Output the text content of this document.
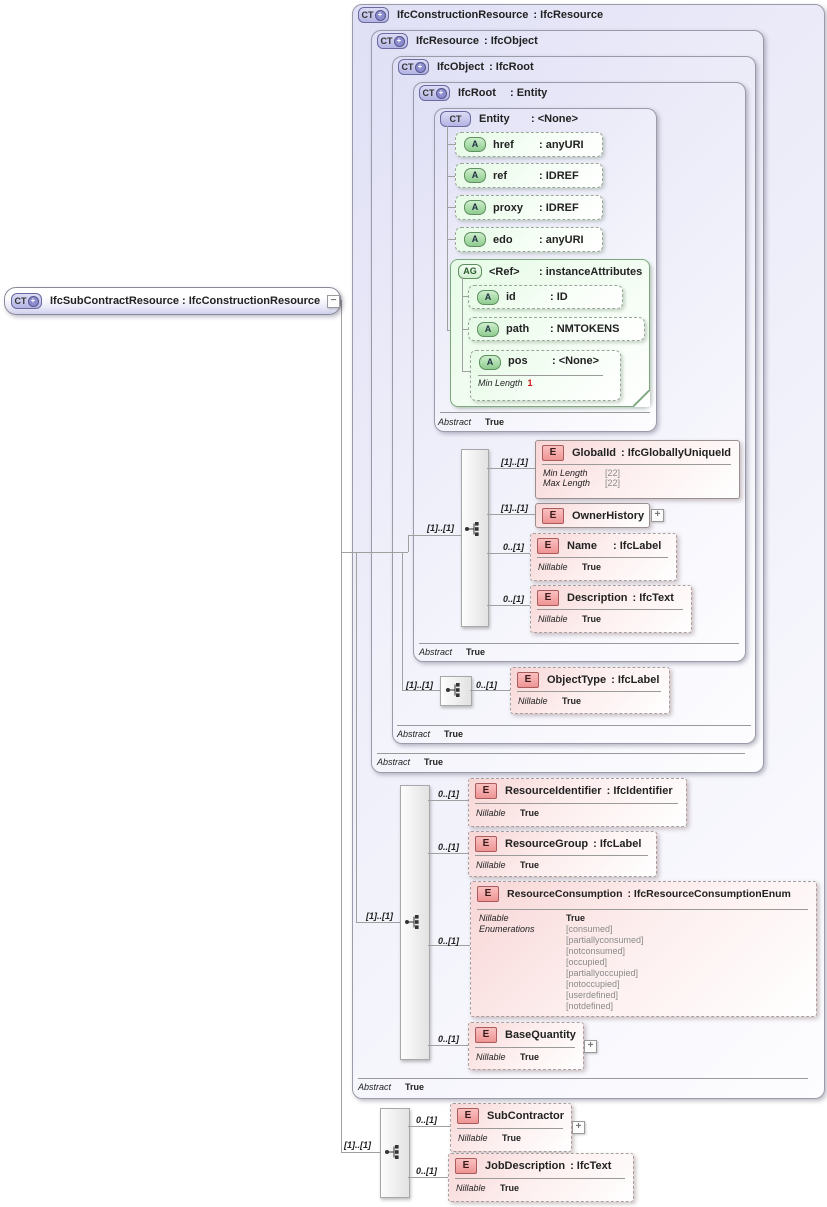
CT + IfcConstructionResource : IfcResource
CT + IfcResource : IfcObject
CT + IfcObject : IfcRoot
CT + IfcRoot	: Entity
CT Entity	: <None>
A	href	: anyURI
A	ref	: IDREF
A	proxy	: IDREF
A	edo	: anyURI
AG	<Ref>	: instanceAttributes
A	id	: ID
A	path	: NMTOKENS
A	pos	: <None>
Min Length
1
Abstract True
[1]..[1]
[1]..[1]
E	GlobalId : IfcGloballyUniqueId
Min Length	[22]
Max Length	[22]
[1]..[1]
E	OwnerHistory	+
0..[1]	E	Name	: IfcLabel
Nillable	True
0..[1]	E	Description : IfcText
Nillable	True
Abstract True
[1]..[1]	0..[1]	E	ObjectType : IfcLabel
Nillable	True
Abstract True
Abstract True
[1]..[1]
0..[1]	E	ResourceIdentifier : IfcIdentifier
Nillable	True
0..[1]	E	ResourceGroup : IfcLabel
Nillable	True
0..[1]
E	ResourceConsumption : IfcResourceConsumptionEnum
Nillable	True
Enumerations	[consumed]
[partiallyconsumed]
[notconsumed]
[occupied]
[partiallyoccupied]
[notoccupied]
[userdefined]
[notdefined]
0..[1]	E	BaseQuantity
Nillable	True
+
Abstract True
CT + IfcSubContractResource : IfcConstructionResource	−
[1]..[1]
0..[1]	E	SubContractor
Nillable	True
+
0..[1]	E	JobDescription : IfcText
Nillable	True
